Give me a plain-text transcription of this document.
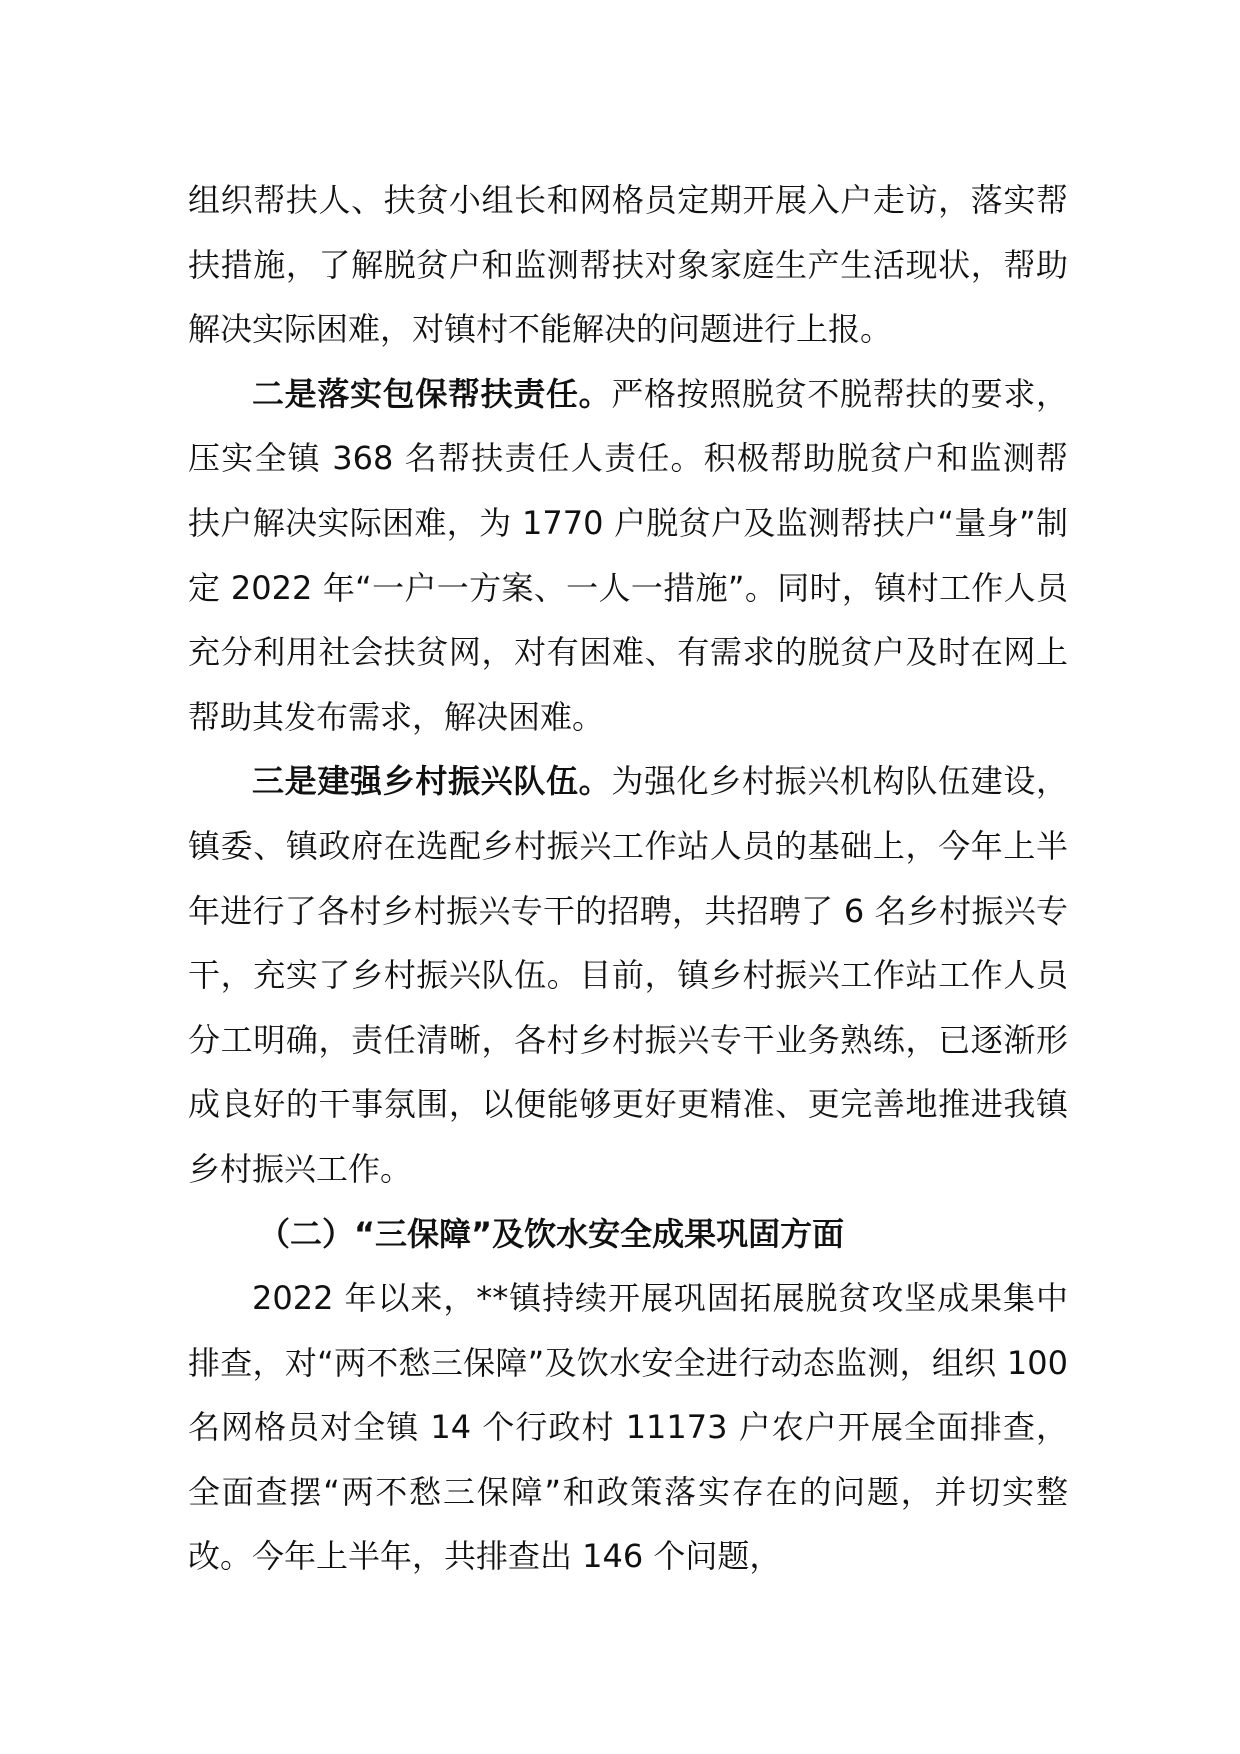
组织帮扶人、扶贫小组长和网格员定期开展入户走访，落实帮扶措施，了解脱贫户和监测帮扶对象家庭生产生活现状，帮助解决实际困难，对镇村不能解决的问题进行上报。

二是落实包保帮扶责任。严格按照脱贫不脱帮扶的要求，压实全镇 368 名帮扶责任人责任。积极帮助脱贫户和监测帮扶户解决实际困难，为 1770 户脱贫户及监测帮扶户“量身”制定 2022 年“一户一方案、一人一措施”。同时，镇村工作人员充分利用社会扶贫网，对有困难、有需求的脱贫户及时在网上帮助其发布需求，解决困难。

三是建强乡村振兴队伍。为强化乡村振兴机构队伍建设，镇委、镇政府在选配乡村振兴工作站人员的基础上，今年上半年进行了各村乡村振兴专干的招聘，共招聘了 6 名乡村振兴专干，充实了乡村振兴队伍。目前，镇乡村振兴工作站工作人员分工明确，责任清晰，各村乡村振兴专干业务熟练，已逐渐形成良好的干事氛围，以便能够更好更精准、更完善地推进我镇乡村振兴工作。

（二）“三保障”及饮水安全成果巩固方面

2022 年以来，**镇持续开展巩固拓展脱贫攻坚成果集中排查，对“两不愁三保障”及饮水安全进行动态监测，组织 100 名网格员对全镇 14 个行政村 11173 户农户开展全面排查，全面查摆“两不愁三保障”和政策落实存在的问题，并切实整改。今年上半年，共排查出 146 个问题，
